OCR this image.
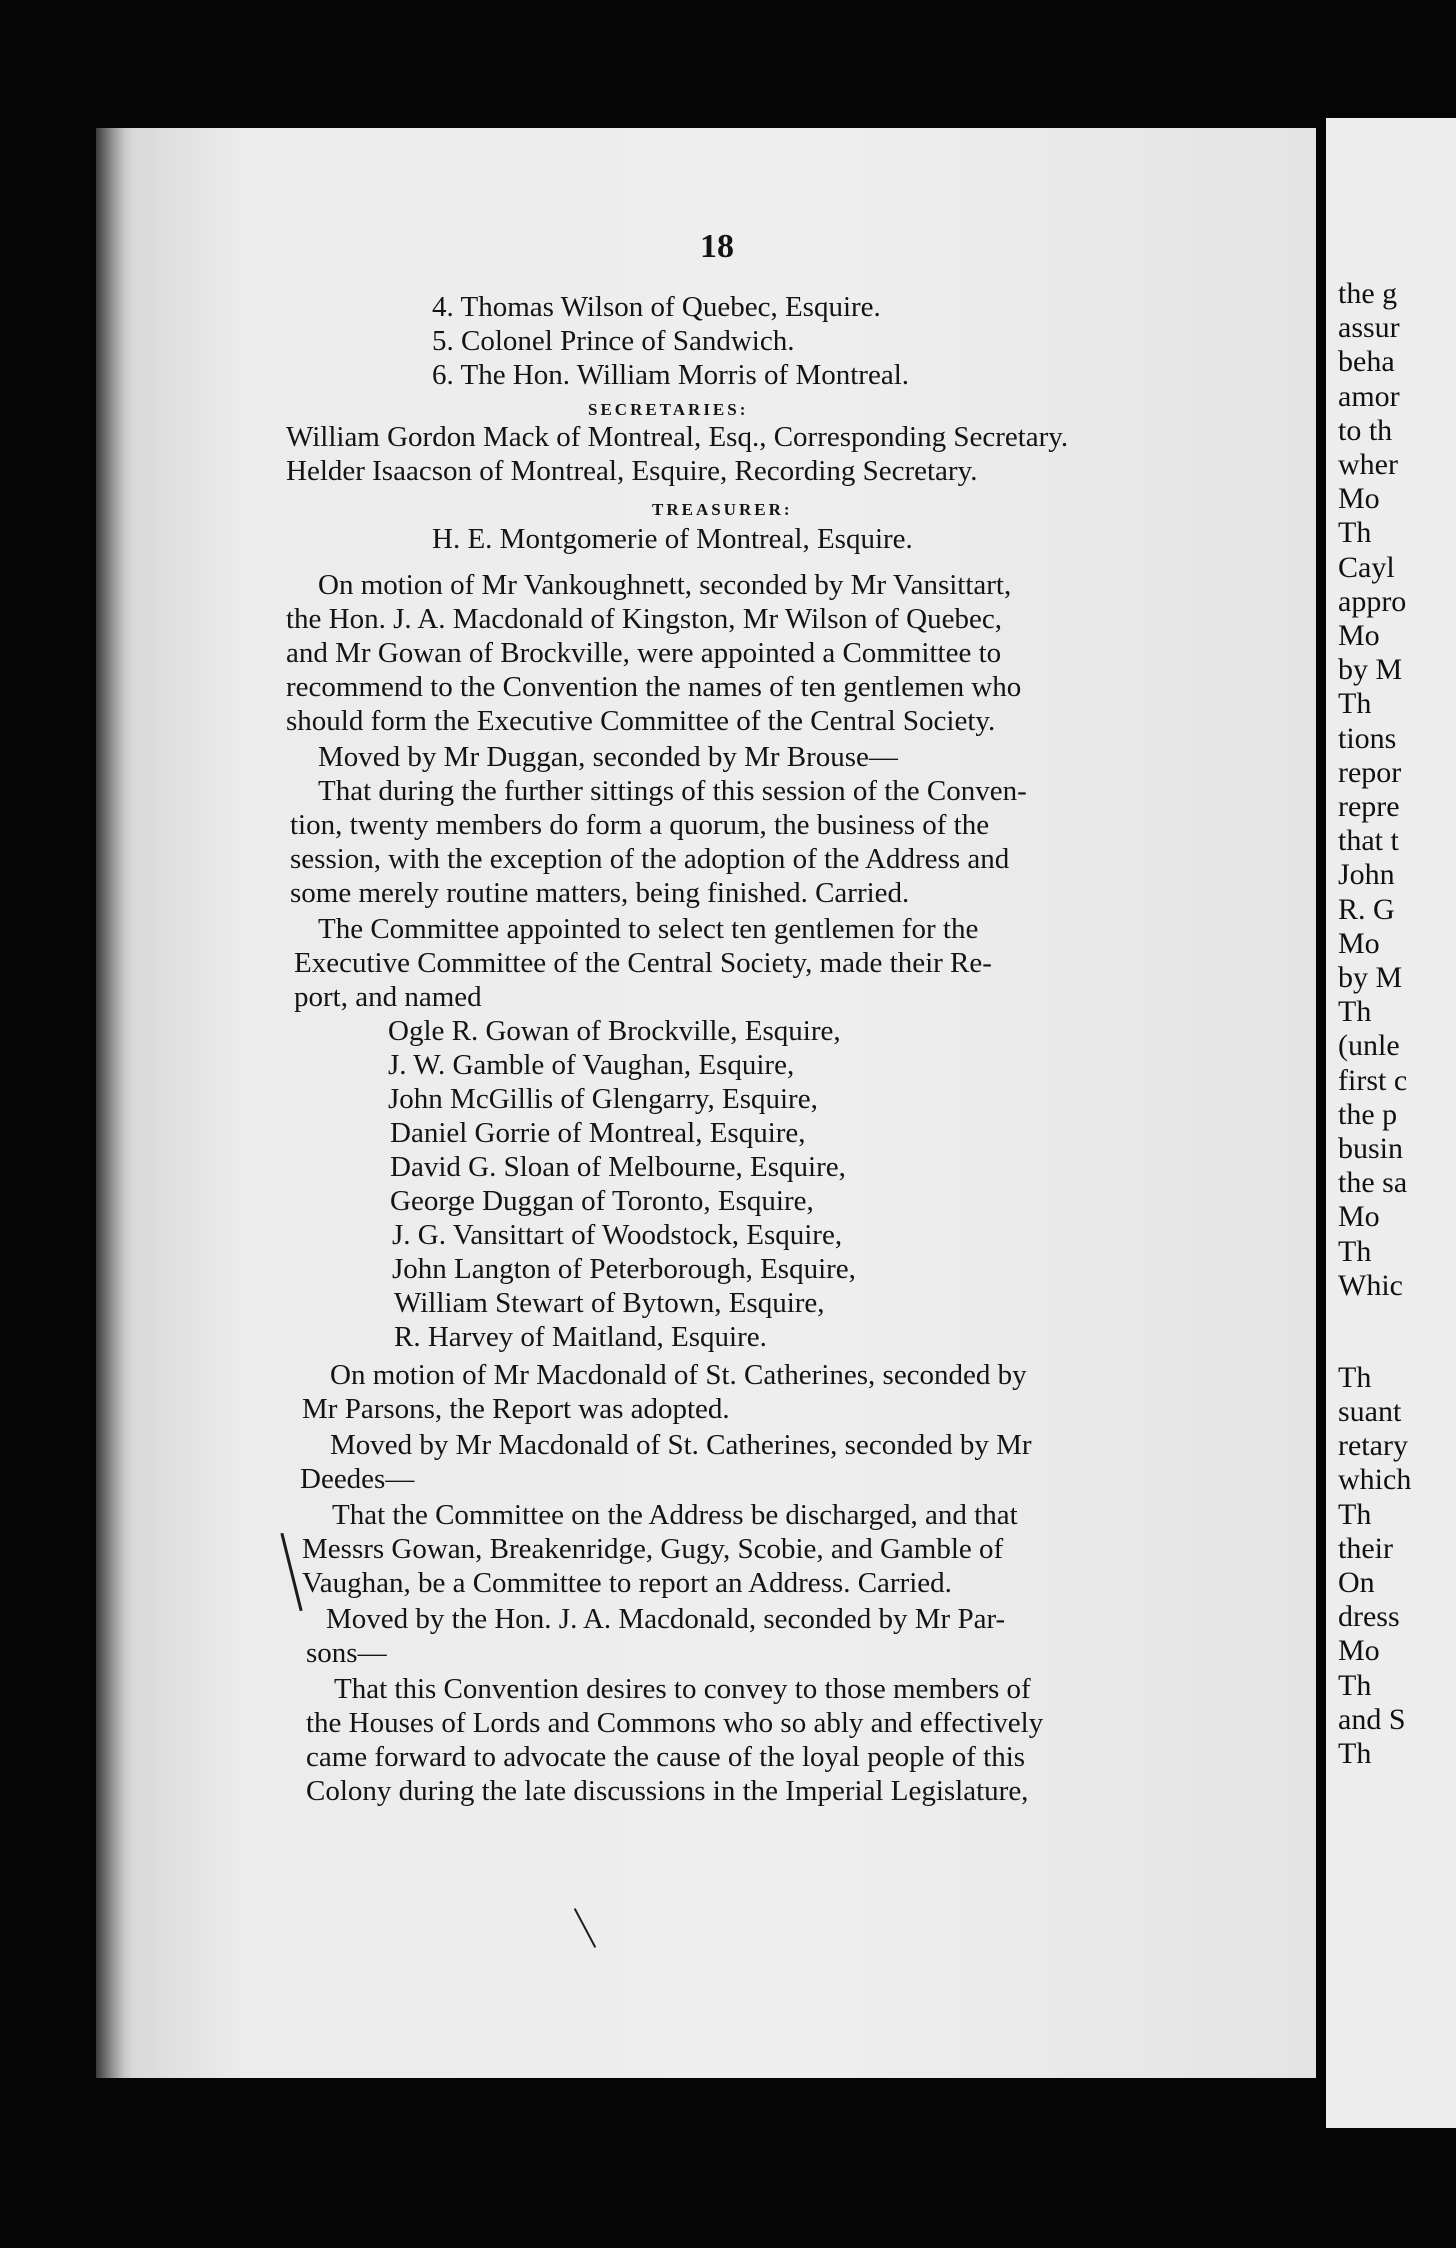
the g
assur
beha
amor
to th
wher
Mo
Th
Cayl
appro
Mo
by M
Th
tions
repor
repre
that t
John
R. G
Mo
by M
Th
(unle
first c
the p
busin
the sa
Mo
Th
Whic
Th
suant
retary
which
Th
their
On
dress
Mo
Th
and S
Th
18
4. Thomas Wilson of Quebec, Esquire.
5. Colonel Prince of Sandwich.
6. The Hon. William Morris of Montreal.
SECRETARIES:
William Gordon Mack of Montreal, Esq., Corresponding Secretary.
Helder Isaacson of Montreal, Esquire, Recording Secretary.
TREASURER:
H. E. Montgomerie of Montreal, Esquire.
On motion of Mr Vankoughnett, seconded by Mr Vansittart,
the Hon. J. A. Macdonald of Kingston, Mr Wilson of Quebec,
and Mr Gowan of Brockville, were appointed a Committee to
recommend to the Convention the names of ten gentlemen who
should form the Executive Committee of the Central Society.
Moved by Mr Duggan, seconded by Mr Brouse—
That during the further sittings of this session of the Conven-
tion, twenty members do form a quorum, the business of the
session, with the exception of the adoption of the Address and
some merely routine matters, being finished. Carried.
The Committee appointed to select ten gentlemen for the
Executive Committee of the Central Society, made their Re-
port, and named
Ogle R. Gowan of Brockville, Esquire,
J. W. Gamble of Vaughan, Esquire,
John McGillis of Glengarry, Esquire,
Daniel Gorrie of Montreal, Esquire,
David G. Sloan of Melbourne, Esquire,
George Duggan of Toronto, Esquire,
J. G. Vansittart of Woodstock, Esquire,
John Langton of Peterborough, Esquire,
William Stewart of Bytown, Esquire,
R. Harvey of Maitland, Esquire.
On motion of Mr Macdonald of St. Catherines, seconded by
Mr Parsons, the Report was adopted.
Moved by Mr Macdonald of St. Catherines, seconded by Mr
Deedes—
That the Committee on the Address be discharged, and that
Messrs Gowan, Breakenridge, Gugy, Scobie, and Gamble of
Vaughan, be a Committee to report an Address. Carried.
Moved by the Hon. J. A. Macdonald, seconded by Mr Par-
sons—
That this Convention desires to convey to those members of
the Houses of Lords and Commons who so ably and effectively
came forward to advocate the cause of the loyal people of this
Colony during the late discussions in the Imperial Legislature,
